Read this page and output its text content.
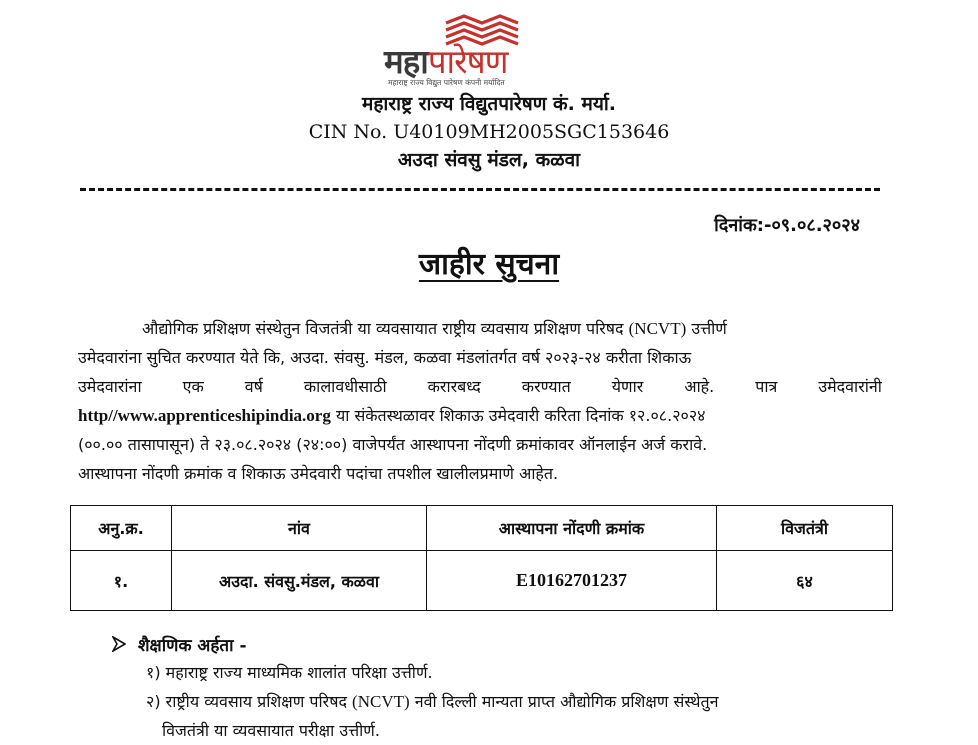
महापारेषण
महाराष्ट्र राज्य विद्युत पारेषण कंपनी मर्यादित
महाराष्ट्र राज्य विद्युतपारेषण कं. मर्या.
CIN No. U40109MH2005SGC153646
अउदा संवसु मंडल, कळवा
दिनांक:-०९.०८.२०२४
जाहीर सुचना
औद्योगिक प्रशिक्षण संस्थेतुन विजतंत्री या व्यवसायात राष्ट्रीय व्यवसाय प्रशिक्षण परिषद (NCVT) उत्तीर्ण
उमेदवारांना सुचित करण्यात येते कि, अउदा. संवसु. मंडल, कळवा मंडलांतर्गत वर्ष २०२३-२४ करीता शिकाऊ
उमेदवारांना	एक	वर्ष	कालावधीसाठी	करारबध्द	करण्यात	येणार	आहे.	पात्र	उमेदवारांनी
http//www.apprenticeshipindia.org या संकेतस्थळावर शिकाऊ उमेदवारी करिता दिनांक १२.०८.२०२४
(००.०० तासापासून) ते २३.०८.२०२४ (२४:००) वाजेपर्यंत आस्थापना नोंदणी क्रमांकावर ऑनलाईन अर्ज करावे.
आस्थापना नोंदणी क्रमांक व शिकाऊ उमेदवारी पदांचा तपशील खालीलप्रमाणे आहेत.
अनु.क्र.	नांव	आस्थापना नोंदणी क्रमांक	विजतंत्री
१.	अउदा. संवसु.मंडल, कळवा	E10162701237	६४
शैक्षणिक अर्हता -
१) महाराष्ट्र राज्य माध्यमिक शालांत परिक्षा उत्तीर्ण.
२) राष्ट्रीय व्यवसाय प्रशिक्षण परिषद (NCVT) नवी दिल्ली मान्यता प्राप्त औद्योगिक प्रशिक्षण संस्थेतुन
विजतंत्री या व्यवसायात परीक्षा उत्तीर्ण.
